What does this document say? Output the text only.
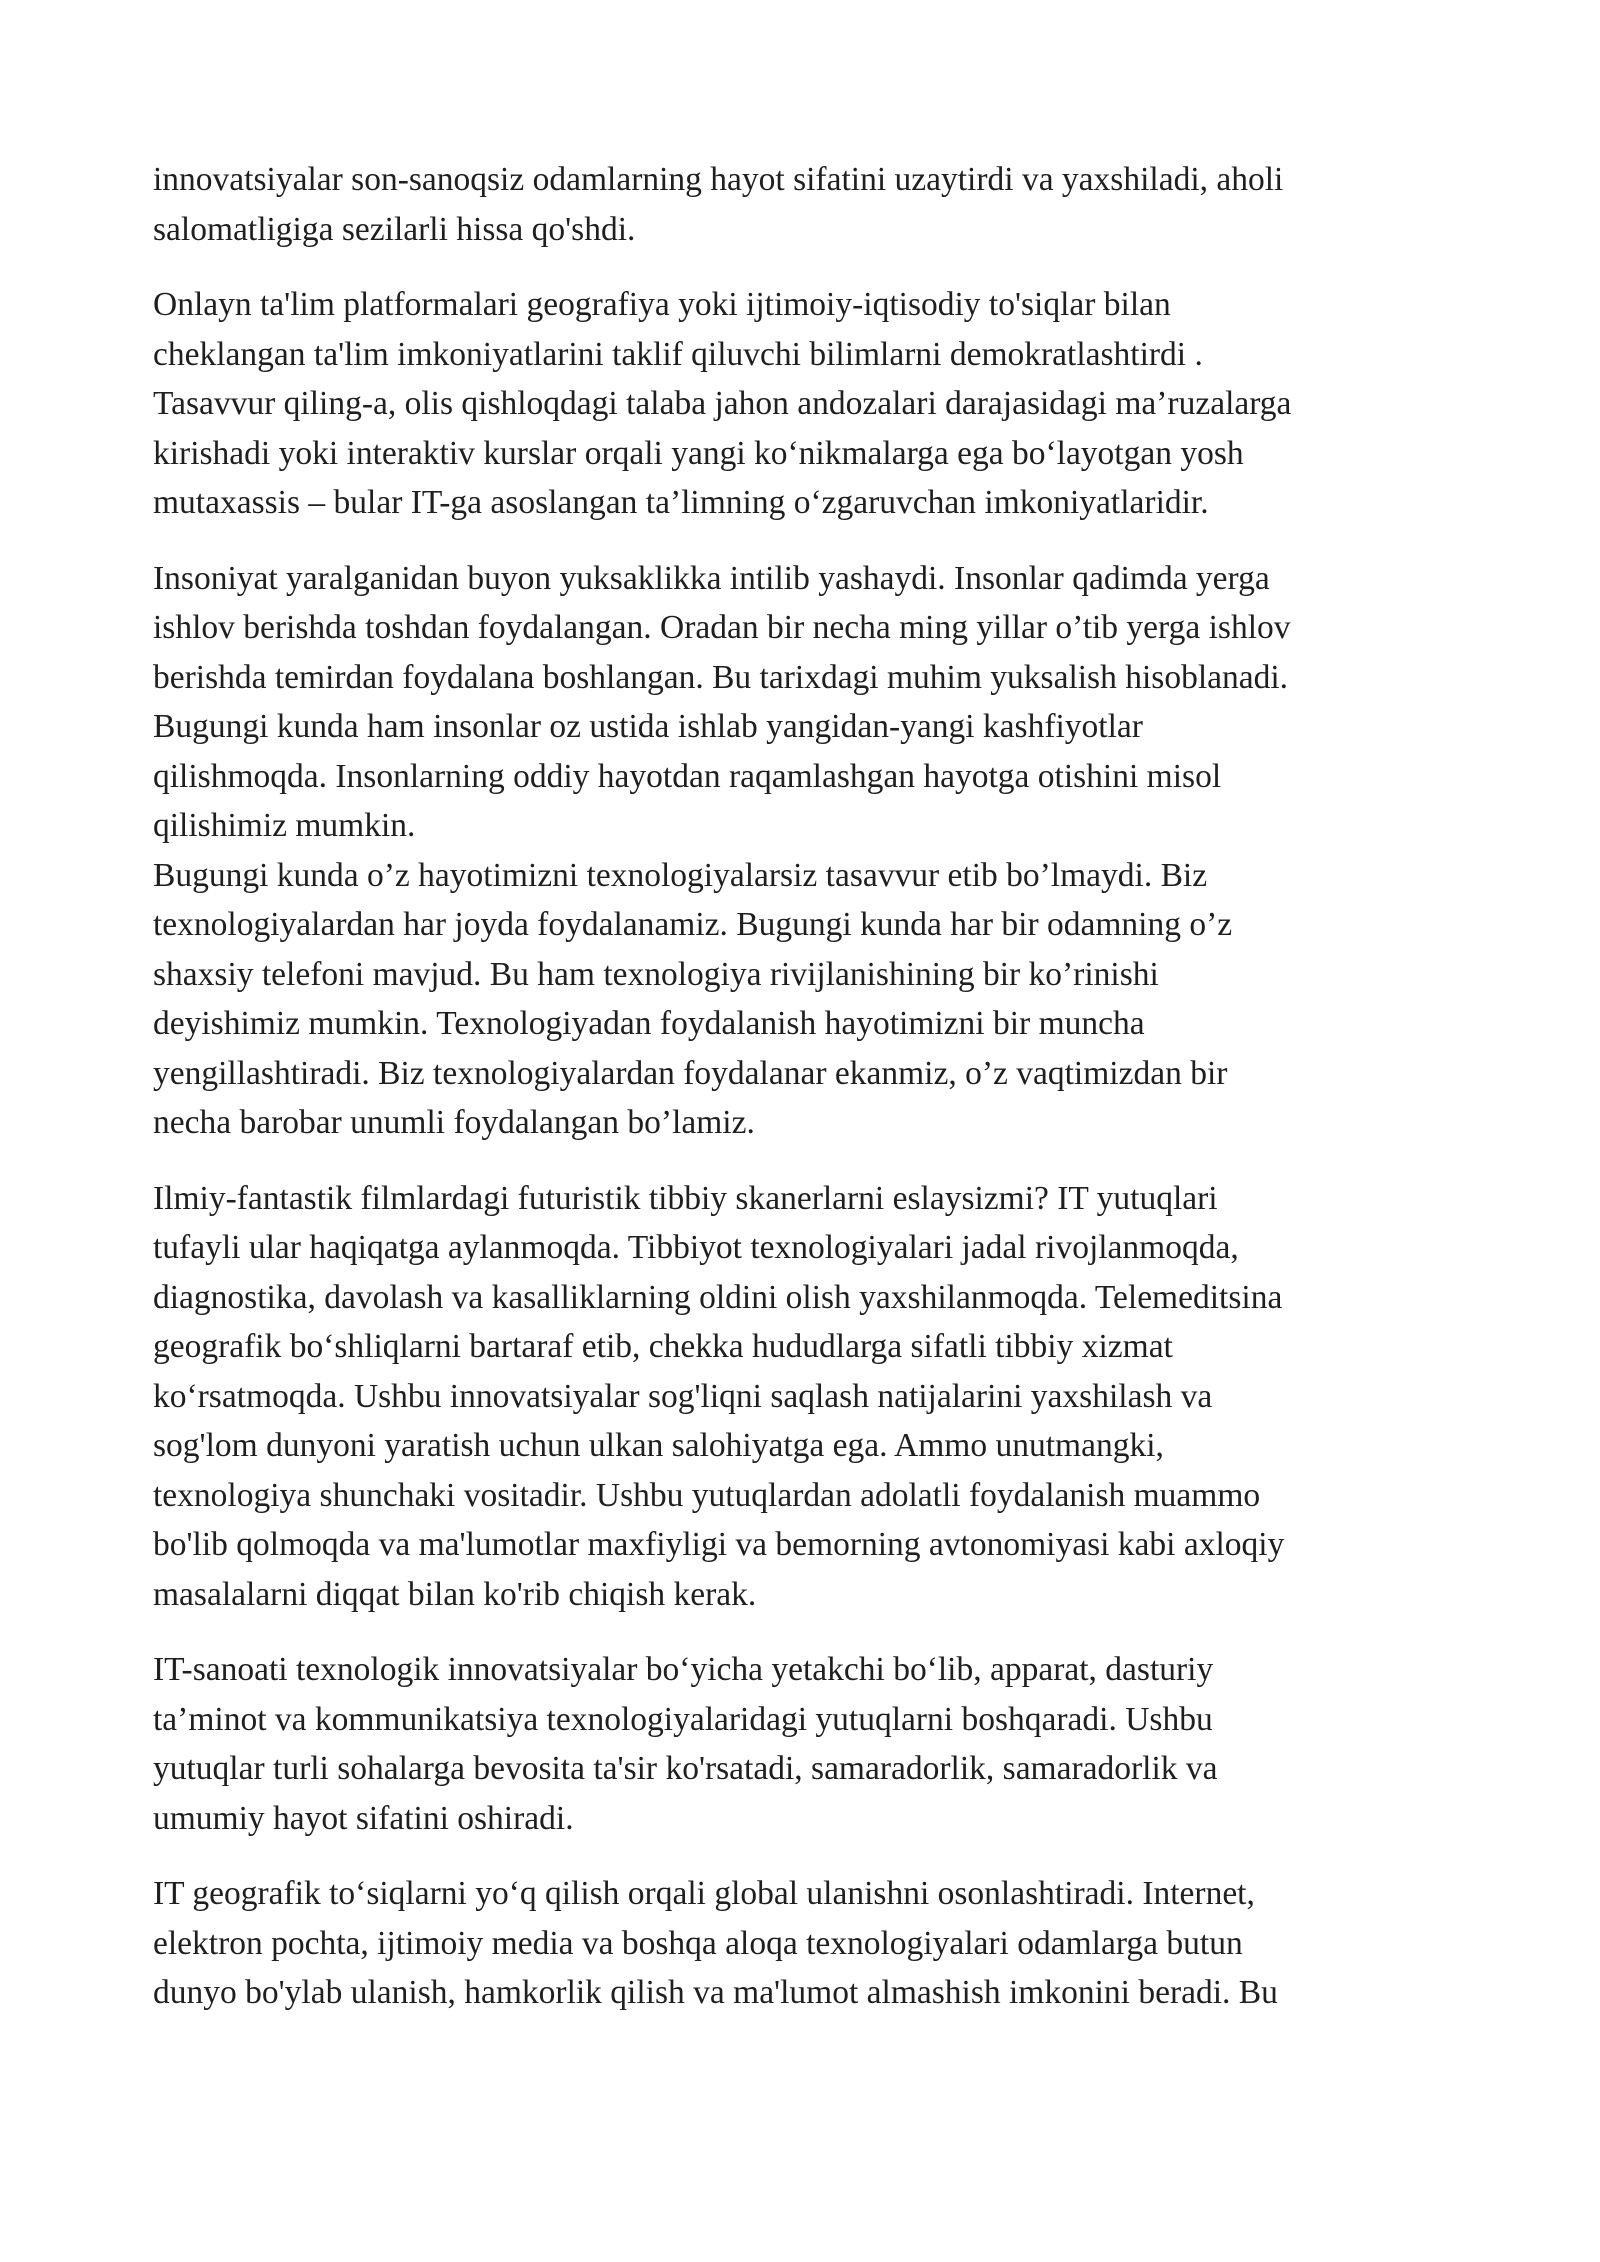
innovatsiyalar son-sanoqsiz odamlarning hayot sifatini uzaytirdi va yaxshiladi, aholi
salomatligiga sezilarli hissa qo'shdi.

Onlayn ta'lim platformalari geografiya yoki ijtimoiy-iqtisodiy to'siqlar bilan
cheklangan ta'lim imkoniyatlarini taklif qiluvchi bilimlarni demokratlashtirdi .
Tasavvur qiling-a, olis qishloqdagi talaba jahon andozalari darajasidagi ma’ruzalarga
kirishadi yoki interaktiv kurslar orqali yangi ko‘nikmalarga ega bo‘layotgan yosh
mutaxassis – bular IT-ga asoslangan ta’limning o‘zgaruvchan imkoniyatlaridir.

Insoniyat yaralganidan buyon yuksaklikka intilib yashaydi. Insonlar qadimda yerga
ishlov berishda toshdan foydalangan. Oradan bir necha ming yillar o’tib yerga ishlov
berishda temirdan foydalana boshlangan. Bu tarixdagi muhim yuksalish hisoblanadi.
Bugungi kunda ham insonlar oz ustida ishlab yangidan-yangi kashfiyotlar
qilishmoqda. Insonlarning oddiy hayotdan raqamlashgan hayotga otishini misol
qilishimiz mumkin.

Bugungi kunda o’z hayotimizni texnologiyalarsiz tasavvur etib bo’lmaydi. Biz
texnologiyalardan har joyda foydalanamiz. Bugungi kunda har bir odamning o’z
shaxsiy telefoni mavjud. Bu ham texnologiya rivijlanishining bir ko’rinishi
deyishimiz mumkin. Texnologiyadan foydalanish hayotimizni bir muncha
yengillashtiradi. Biz texnologiyalardan foydalanar ekanmiz, o’z vaqtimizdan bir
necha barobar unumli foydalangan bo’lamiz.

Ilmiy-fantastik filmlardagi futuristik tibbiy skanerlarni eslaysizmi? IT yutuqlari
tufayli ular haqiqatga aylanmoqda. Tibbiyot texnologiyalari jadal rivojlanmoqda,
diagnostika, davolash va kasalliklarning oldini olish yaxshilanmoqda. Telemeditsina
geografik bo‘shliqlarni bartaraf etib, chekka hududlarga sifatli tibbiy xizmat
ko‘rsatmoqda. Ushbu innovatsiyalar sog'liqni saqlash natijalarini yaxshilash va
sog'lom dunyoni yaratish uchun ulkan salohiyatga ega. Ammo unutmangki,
texnologiya shunchaki vositadir. Ushbu yutuqlardan adolatli foydalanish muammo
bo'lib qolmoqda va ma'lumotlar maxfiyligi va bemorning avtonomiyasi kabi axloqiy
masalalarni diqqat bilan ko'rib chiqish kerak.

IT-sanoati texnologik innovatsiyalar bo‘yicha yetakchi bo‘lib, apparat, dasturiy
ta’minot va kommunikatsiya texnologiyalaridagi yutuqlarni boshqaradi. Ushbu
yutuqlar turli sohalarga bevosita ta'sir ko'rsatadi, samaradorlik, samaradorlik va
umumiy hayot sifatini oshiradi.

IT geografik to‘siqlarni yo‘q qilish orqali global ulanishni osonlashtiradi. Internet,
elektron pochta, ijtimoiy media va boshqa aloqa texnologiyalari odamlarga butun
dunyo bo'ylab ulanish, hamkorlik qilish va ma'lumot almashish imkonini beradi. Bu
